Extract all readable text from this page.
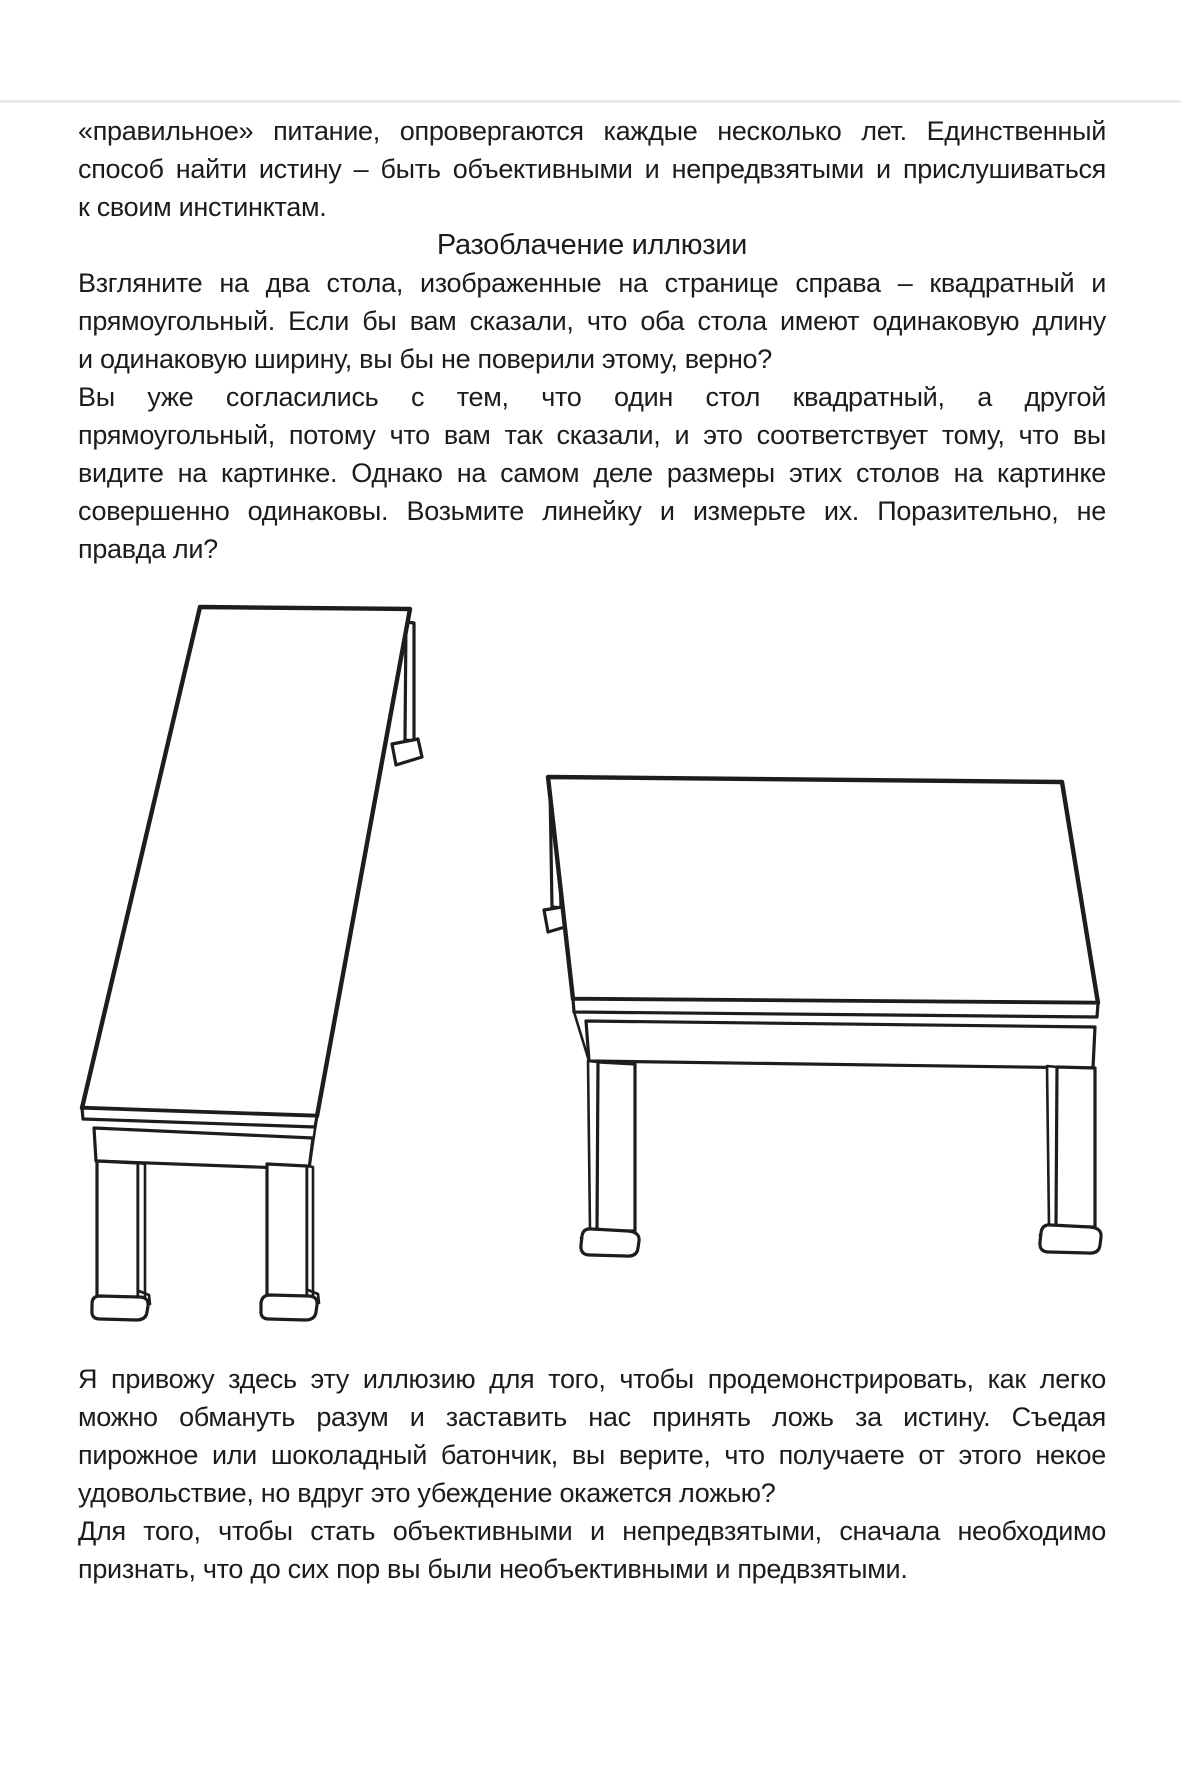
«правильное» питание, опровергаются каждые несколько лет. Единственный
способ найти истину – быть объективными и непредвзятыми и прислушиваться
к своим инстинктам.
Разоблачение иллюзии
Взгляните на два стола, изображенные на странице справа – квадратный и
прямоугольный. Если бы вам сказали, что оба стола имеют одинаковую длину
и одинаковую ширину, вы бы не поверили этому, верно?
Вы уже согласились с тем, что один стол квадратный, а другой
прямоугольный, потому что вам так сказали, и это соответствует тому, что вы
видите на картинке. Однако на самом деле размеры этих столов на картинке
совершенно одинаковы. Возьмите линейку и измерьте их. Поразительно, не
правда ли?
Я привожу здесь эту иллюзию для того, чтобы продемонстрировать, как легко
можно обмануть разум и заставить нас принять ложь за истину. Съедая
пирожное или шоколадный батончик, вы верите, что получаете от этого некое
удовольствие, но вдруг это убеждение окажется ложью?
Для того, чтобы стать объективными и непредвзятыми, сначала необходимо
признать, что до сих пор вы были необъективными и предвзятыми.
